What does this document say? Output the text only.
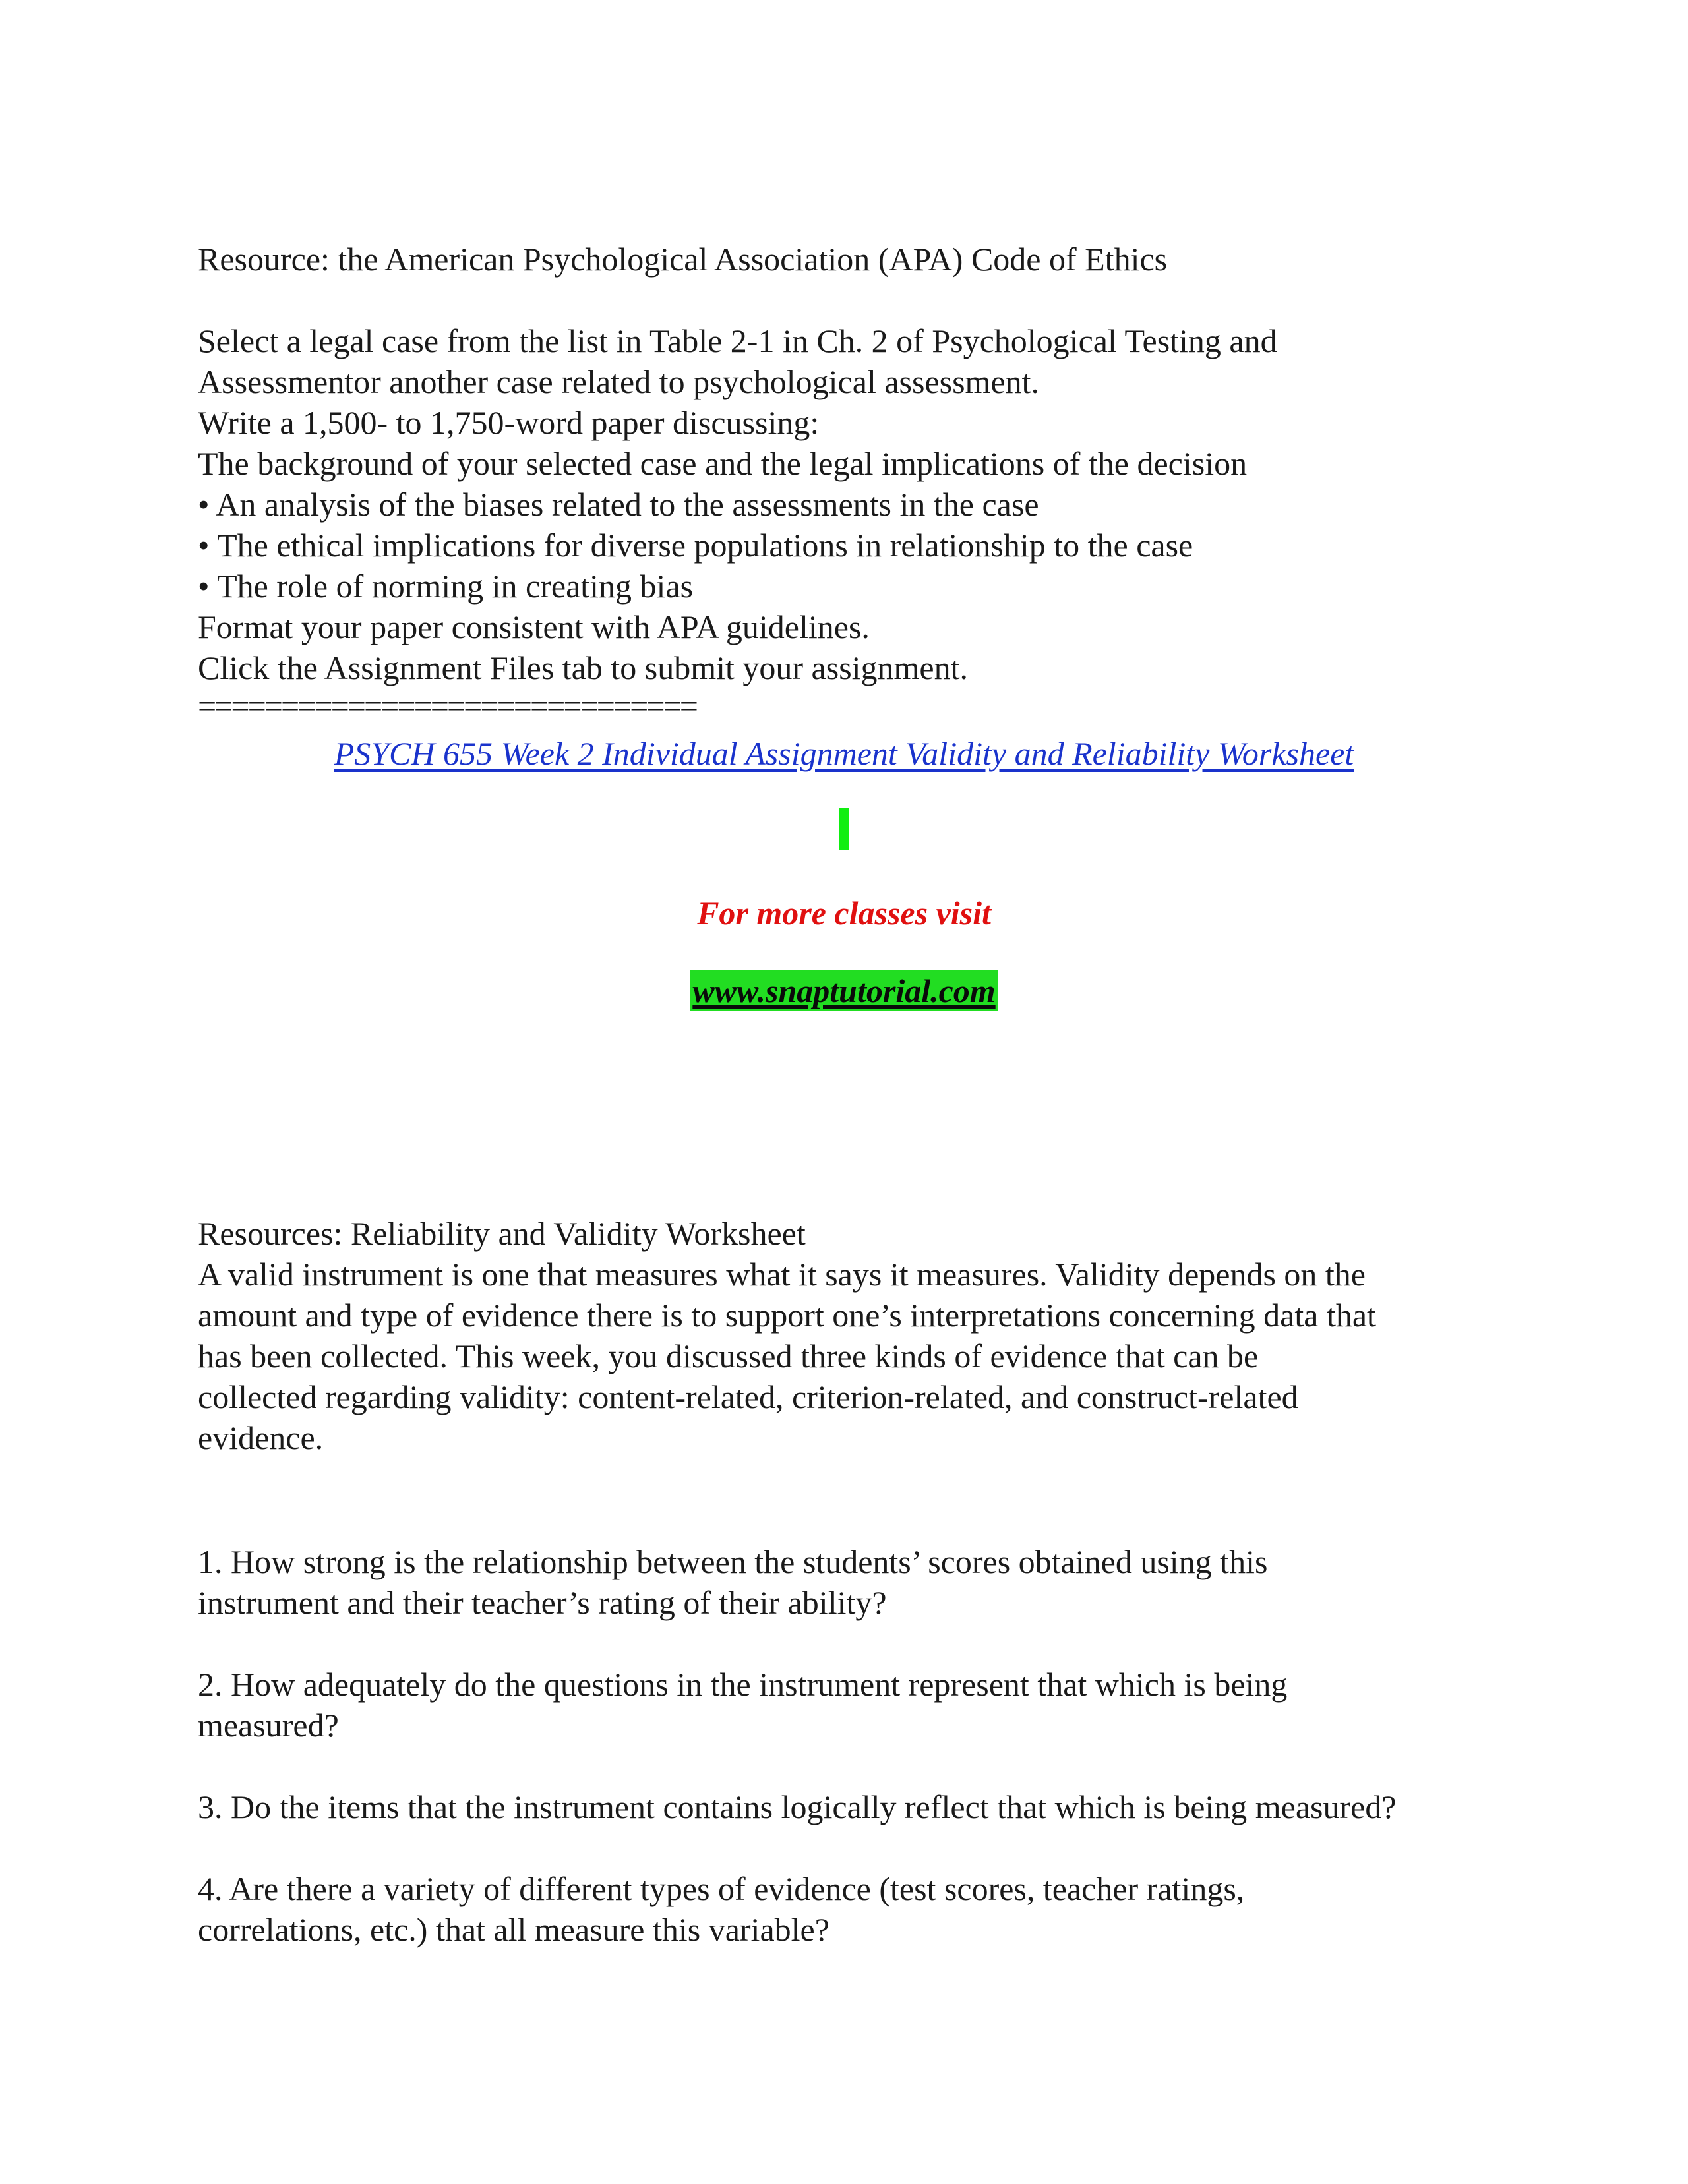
Resource: the American Psychological Association (APA) Code of Ethics
Select a legal case from the list in Table 2-1 in Ch. 2 of Psychological Testing and
Assessmentor another case related to psychological assessment.
Write a 1,500- to 1,750-word paper discussing:
The background of your selected case and the legal implications of the decision
• An analysis of the biases related to the assessments in the case
• The ethical implications for diverse populations in relationship to the case
• The role of norming in creating bias
Format your paper consistent with APA guidelines.
Click the Assignment Files tab to submit your assignment.
==============================
PSYCH 655 Week 2 Individual Assignment Validity and Reliability Worksheet
For more classes visit
www.snaptutorial.com
Resources: Reliability and Validity Worksheet
A valid instrument is one that measures what it says it measures. Validity depends on the
amount and type of evidence there is to support one’s interpretations concerning data that
has been collected. This week, you discussed three kinds of evidence that can be
collected regarding validity: content-related, criterion-related, and construct-related
evidence.
1. How strong is the relationship between the students’ scores obtained using this
instrument and their teacher’s rating of their ability?
2. How adequately do the questions in the instrument represent that which is being
measured?
3. Do the items that the instrument contains logically reflect that which is being measured?
4. Are there a variety of different types of evidence (test scores, teacher ratings,
correlations, etc.) that all measure this variable?
